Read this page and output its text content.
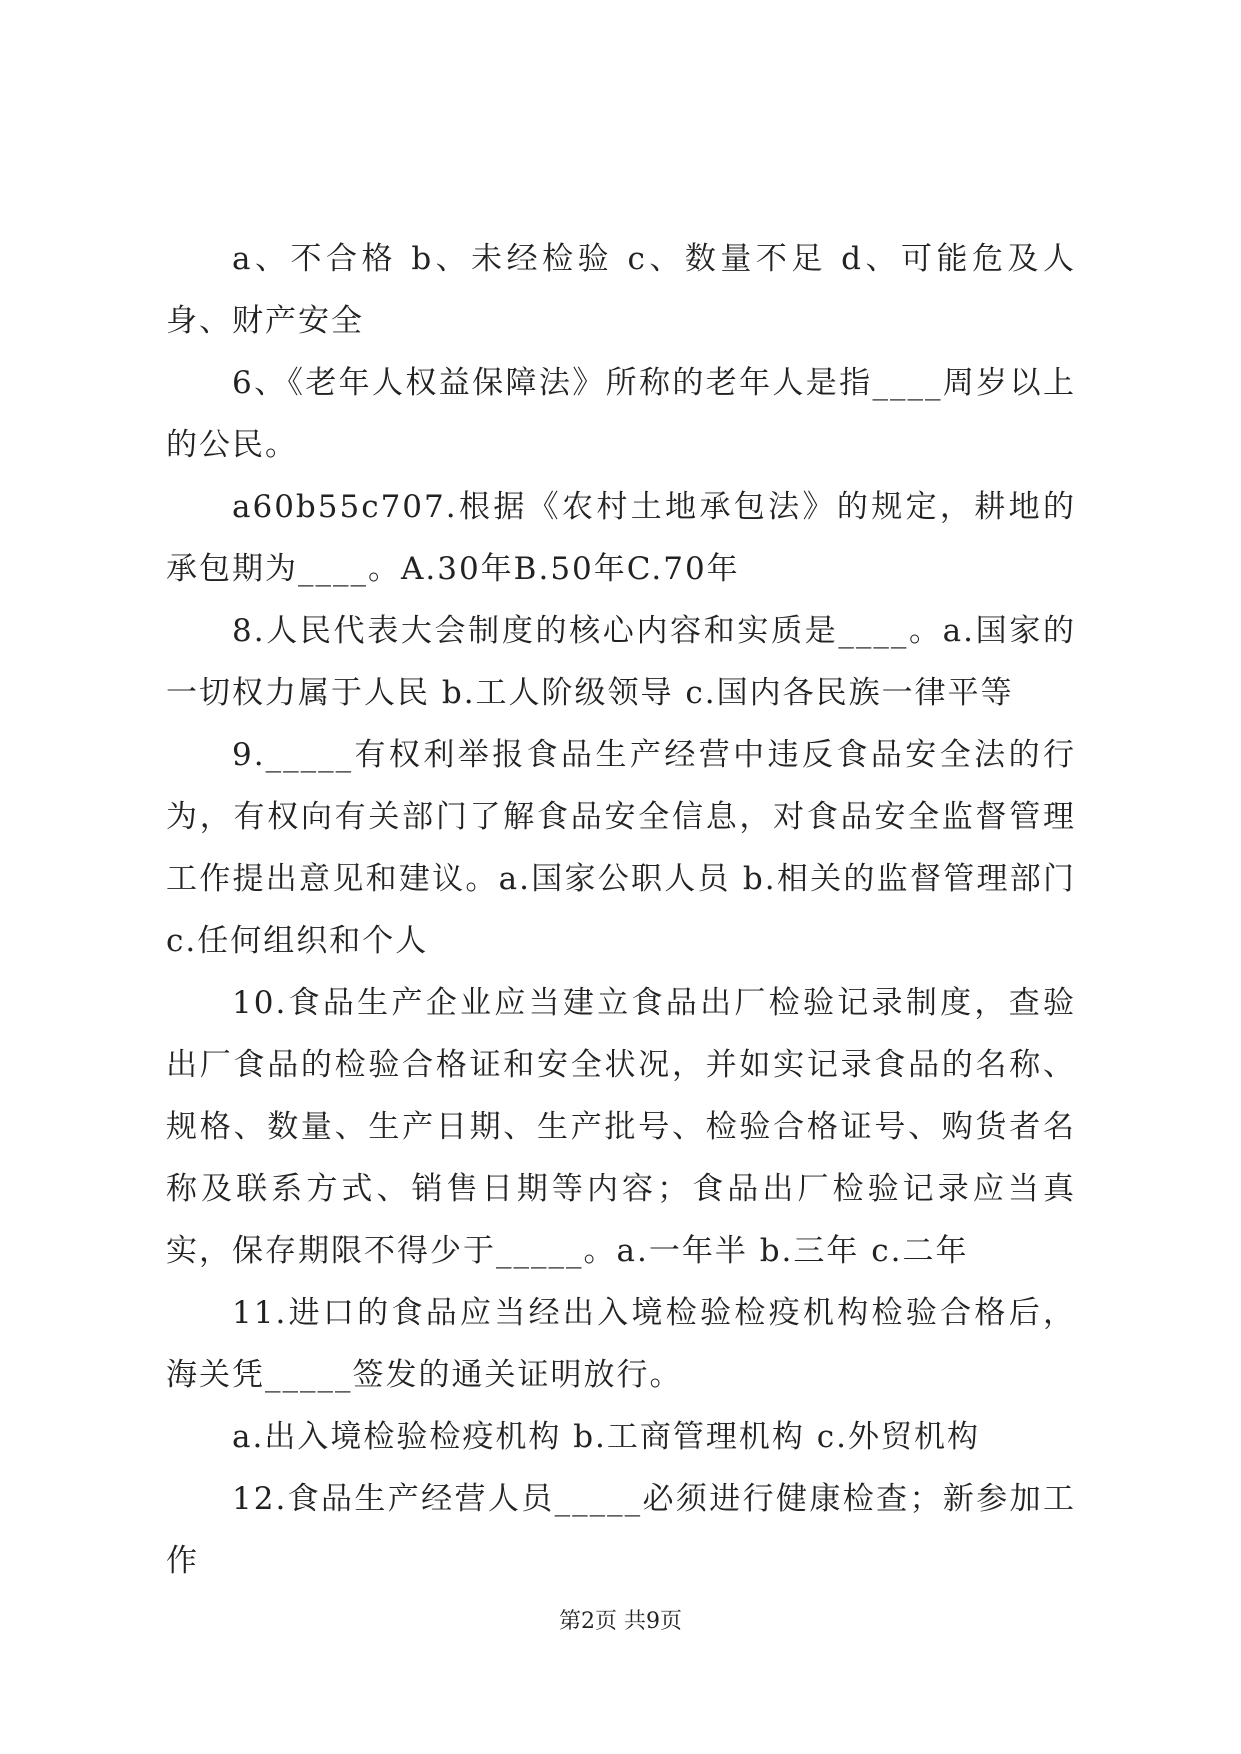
a、不合格 b、未经检验 c、数量不足 d、可能危及人身、财产安全

6、《老年人权益保障法》所称的老年人是指____周岁以上的公民。

a60b55c707.根据《农村土地承包法》的规定，耕地的承包期为____。A.30年B.50年C.70年

8.人民代表大会制度的核心内容和实质是____。a.国家的一切权力属于人民 b.工人阶级领导 c.国内各民族一律平等

9._____有权利举报食品生产经营中违反食品安全法的行为，有权向有关部门了解食品安全信息，对食品安全监督管理工作提出意见和建议。a.国家公职人员 b.相关的监督管理部门 c.任何组织和个人

10.食品生产企业应当建立食品出厂检验记录制度，查验出厂食品的检验合格证和安全状况，并如实记录食品的名称、规格、数量、生产日期、生产批号、检验合格证号、购货者名称及联系方式、销售日期等内容；食品出厂检验记录应当真实，保存期限不得少于_____。a.一年半 b.三年 c.二年

11.进口的食品应当经出入境检验检疫机构检验合格后，海关凭_____签发的通关证明放行。

a.出入境检验检疫机构 b.工商管理机构 c.外贸机构

12.食品生产经营人员_____必须进行健康检查；新参加工作

第2页 共9页
